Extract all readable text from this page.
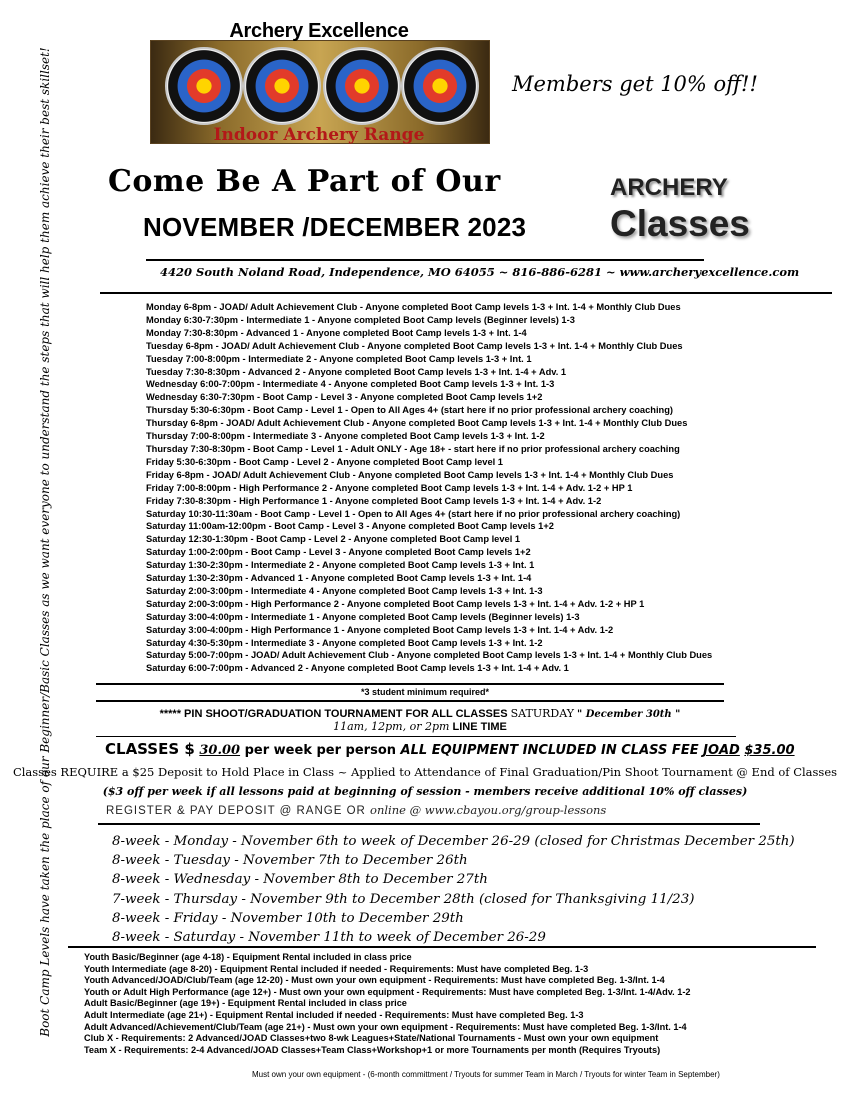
Boot Camp Levels have taken the place of our Beginner/Basic Classes as we want everyone to understand the steps that will help them achieve their best skillset!
Archery Excellence
Indoor Archery Range
Members get 10% off!!
Come Be A Part of Our	ARCHERY
Classes
NOVEMBER /DECEMBER 2023
4420 South Noland Road, Independence, MO 64055 ~ 816-886-6281 ~ www.archeryexcellence.com
Monday 6-8pm - JOAD/ Adult Achievement Club - Anyone completed Boot Camp levels 1-3 + Int. 1-4 + Monthly Club Dues
Monday 6:30-7:30pm - Intermediate 1 - Anyone completed Boot Camp levels (Beginner levels) 1-3
Monday 7:30-8:30pm - Advanced 1 - Anyone completed Boot Camp levels 1-3 + Int. 1-4
Tuesday 6-8pm - JOAD/ Adult Achievement Club - Anyone completed Boot Camp levels 1-3 + Int. 1-4 + Monthly Club Dues
Tuesday 7:00-8:00pm - Intermediate 2 - Anyone completed Boot Camp levels 1-3 + Int. 1
Tuesday 7:30-8:30pm - Advanced 2 - Anyone completed Boot Camp levels 1-3 + Int. 1-4 + Adv. 1
Wednesday 6:00-7:00pm - Intermediate 4 - Anyone completed Boot Camp levels 1-3 + Int. 1-3
Wednesday 6:30-7:30pm - Boot Camp - Level 3 - Anyone completed Boot Camp levels 1+2
Thursday 5:30-6:30pm - Boot Camp - Level 1 - Open to All Ages 4+ (start here if no prior professional archery coaching)
Thursday 6-8pm - JOAD/ Adult Achievement Club - Anyone completed Boot Camp levels 1-3 + Int. 1-4 + Monthly Club Dues
Thursday 7:00-8:00pm - Intermediate 3 - Anyone completed Boot Camp levels 1-3 + Int. 1-2
Thursday 7:30-8:30pm - Boot Camp - Level 1 - Adult ONLY - Age 18+ - start here if no prior professional archery coaching
Friday 5:30-6:30pm - Boot Camp - Level 2 - Anyone completed Boot Camp level 1
Friday 6-8pm - JOAD/ Adult Achievement Club - Anyone completed Boot Camp levels 1-3 + Int. 1-4 + Monthly Club Dues
Friday 7:00-8:00pm - High Performance 2 - Anyone completed Boot Camp levels 1-3 + Int. 1-4 + Adv. 1-2 + HP 1
Friday 7:30-8:30pm - High Performance 1 - Anyone completed Boot Camp levels 1-3 + Int. 1-4 + Adv. 1-2
Saturday 10:30-11:30am - Boot Camp - Level 1 - Open to All Ages 4+ (start here if no prior professional archery coaching)
Saturday 11:00am-12:00pm - Boot Camp - Level 3 - Anyone completed Boot Camp levels 1+2
Saturday 12:30-1:30pm - Boot Camp - Level 2 - Anyone completed Boot Camp level 1
Saturday 1:00-2:00pm - Boot Camp - Level 3 - Anyone completed Boot Camp levels 1+2
Saturday 1:30-2:30pm - Intermediate 2 - Anyone completed Boot Camp levels 1-3 + Int. 1
Saturday 1:30-2:30pm - Advanced 1 - Anyone completed Boot Camp levels 1-3 + Int. 1-4
Saturday 2:00-3:00pm - Intermediate 4 - Anyone completed Boot Camp levels 1-3 + Int. 1-3
Saturday 2:00-3:00pm - High Performance 2 - Anyone completed Boot Camp levels 1-3 + Int. 1-4 + Adv. 1-2 + HP 1
Saturday 3:00-4:00pm - Intermediate 1 - Anyone completed Boot Camp levels (Beginner levels) 1-3
Saturday 3:00-4:00pm - High Performance 1 - Anyone completed Boot Camp levels 1-3 + Int. 1-4 + Adv. 1-2
Saturday 4:30-5:30pm - Intermediate 3 - Anyone completed Boot Camp levels 1-3 + Int. 1-2
Saturday 5:00-7:00pm - JOAD/ Adult Achievement Club - Anyone completed Boot Camp levels 1-3 + Int. 1-4 + Monthly Club Dues
Saturday 6:00-7:00pm - Advanced 2 - Anyone completed Boot Camp levels 1-3 + Int. 1-4 + Adv. 1
*3 student minimum required*
***** PIN SHOOT/GRADUATION TOURNAMENT FOR ALL CLASSES SATURDAY " December 30th "
11am, 12pm, or 2pm LINE TIME
CLASSES $ 30.00 per week per person ALL EQUIPMENT INCLUDED IN CLASS FEE JOAD $35.00
Classes REQUIRE a $25 Deposit to Hold Place in Class ~ Applied to Attendance of Final Graduation/Pin Shoot Tournament @ End of Classes
($3 off per week if all lessons paid at beginning of session - members receive additional 10% off classes)
REGISTER & PAY DEPOSIT @ RANGE OR online @ www.cbayou.org/group-lessons
8-week - Monday - November 6th to week of December 26-29 (closed for Christmas December 25th)
8-week - Tuesday - November 7th to December 26th
8-week - Wednesday - November 8th to December 27th
7-week - Thursday - November 9th to December 28th (closed for Thanksgiving 11/23)
8-week - Friday - November 10th to December 29th
8-week - Saturday - November 11th to week of December 26-29
Youth Basic/Beginner (age 4-18) - Equipment Rental included in class price
Youth Intermediate (age 8-20) - Equipment Rental included if needed - Requirements: Must have completed Beg. 1-3
Youth Advanced/JOAD/Club/Team (age 12-20) - Must own your own equipment - Requirements: Must have completed Beg. 1-3/Int. 1-4
Youth or Adult High Performance (age 12+) - Must own your own equipment - Requirements: Must have completed Beg. 1-3/Int. 1-4/Adv. 1-2
Adult Basic/Beginner (age 19+) - Equipment Rental included in class price
Adult Intermediate (age 21+) - Equipment Rental included if needed - Requirements: Must have completed Beg. 1-3
Adult Advanced/Achievement/Club/Team (age 21+) - Must own your own equipment - Requirements: Must have completed Beg. 1-3/Int. 1-4
Club X - Requirements: 2 Advanced/JOAD Classes+two 8-wk Leagues+State/National Tournaments - Must own your own equipment
Team X - Requirements: 2-4 Advanced/JOAD Classes+Team Class+Workshop+1 or more Tournaments per month (Requires Tryouts)
Must own your own equipment - (6-month committment / Tryouts for summer Team in March / Tryouts for winter Team in September)
